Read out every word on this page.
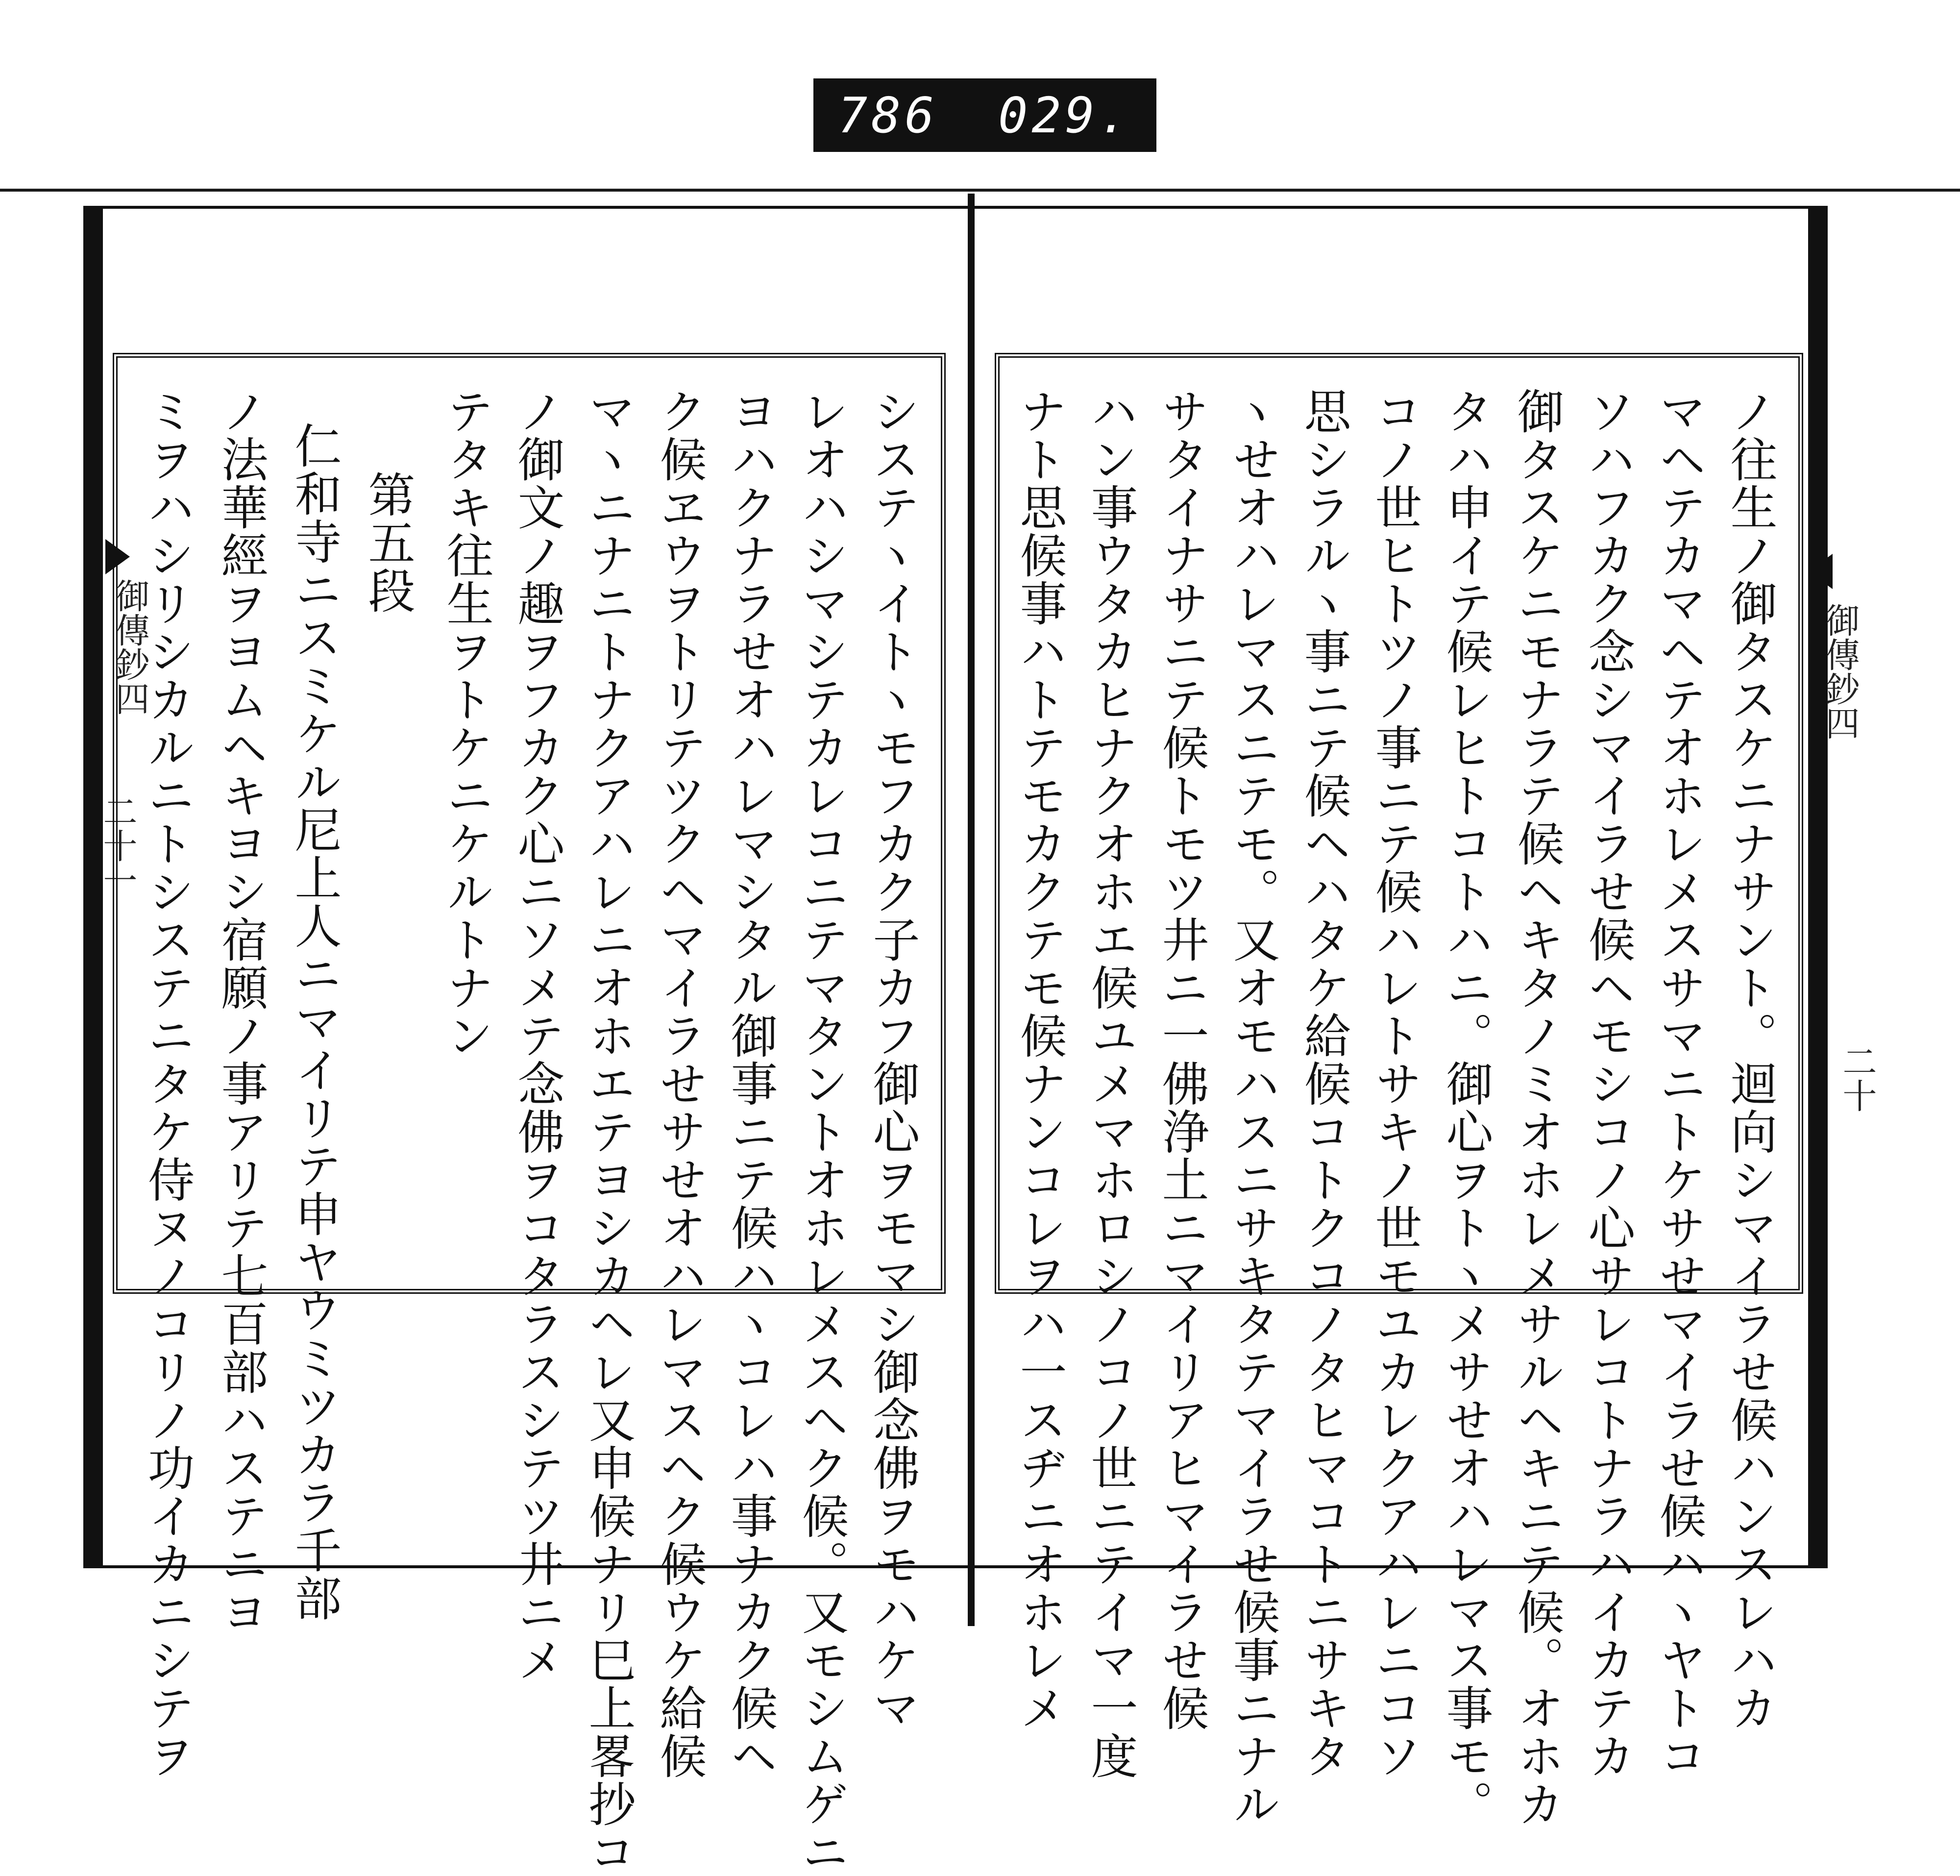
786 029.
御傳鈔四	御傳鈔四
二十一
二十
ノ往生ノ御タスケニナサント。迴向シマイラせ候ハンスレハカ
マヘテカマヘテオホレメスサマニトケサせマイラせ候ハヽヤトコ
ソハフカク念シマイラせ候ヘモシコノ心サレコトナラハイカテカ
御タスケニモナラテ候ヘキタノミオホレメサルヘキニテ候。オホカ
タハ申イテ候レヒトコトハニ。御心ヲトヽメサせオハレマス事モ。
コノ世ヒトツノ事ニテ候ハレトサキノ世モユカレクアハレニコソ
思シラルヽ事ニテ候ヘハタケ給候コトクコノタヒマコトニサキタ
ヽせオハレマスニテモ。又オモハスニサキタテマイラせ候事ニナル
サタイナサニテ候トモツ井ニ一佛浄土ニマイリアヒマイラせ候
ハン事ウタカヒナクオホエ候ユメマホロシノコノ世ニテイマ一度
ナト思候事ハトテモカクテモ候ナンコレヲハ一スヂニオホレメ
システヽイトヽモフカク子カフ御心ヲモマシ御念佛ヲモハケマ
レオハシマシテカレコニテマタントオホレメスヘク候。又モシムゲニ
ヨハクナラせオハレマシタル御事ニテ候ハヽコレハ事ナカク候ヘ
ク候ヱウヲトリテツクヘマイラせサせオハレマスヘク候ウケ給候
マヽニナニトナクアハレニオホエテヨシカヘレ又申候ナリ巳上畧抄コ
ノ御文ノ趣ヲフカク心ニソメテ念佛ヲコタラスシテツ井ニメ
テタキ往生ヲトケニケルトナン
第五段
仁和寺ニスミケル尼上人ニマイリテ申ヤウミツカラ千部
ノ法華經ヲヨムヘキヨシ宿願ノ事アリテ七百部ハステニヨ
ミヲハシリシカルニトシステニタケ侍ヌノコリノ功イカニシテヲ
